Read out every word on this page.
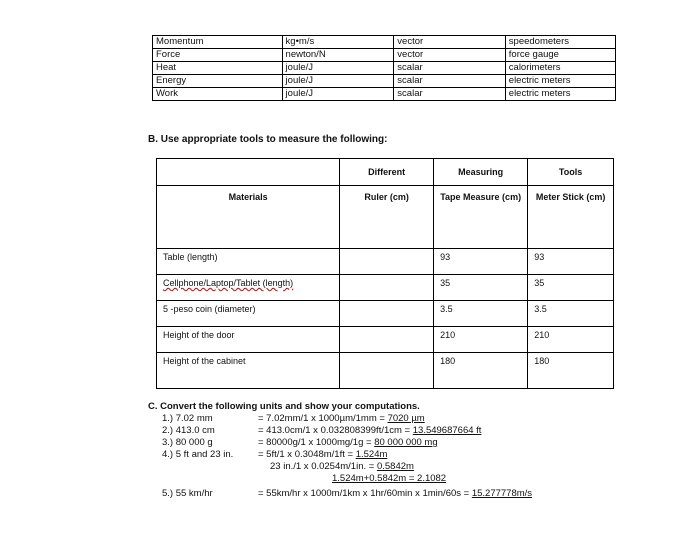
Momentum	kg•m/s	vector	speedometers
Force	newton/N	vector	force gauge
Heat	joule/J	scalar	calorimeters
Energy	joule/J	scalar	electric meters
Work	joule/J	scalar	electric meters
B. Use appropriate tools to measure the following:
	Different	Measuring	Tools
Materials	Ruler (cm)	Tape Measure (cm)	Meter Stick (cm)
Table (length)		93	93
Cellphone/Laptop/Tablet (length)		35	35
5 -peso coin (diameter)		3.5	3.5
Height of the door		210	210
Height of the cabinet		180	180
C. Convert the following units and show your computations.
1.) 7.02 mm	= 7.02mm/1 x 1000µm/1mm = 7020 µm
2.) 413.0 cm	= 413.0cm/1 x 0.032808399ft/1cm = 13.549687664 ft
3.) 80 000 g	= 80000g/1 x 1000mg/1g = 80 000 000 mg
4.) 5 ft and 23 in.	= 5ft/1 x 0.3048m/1ft = 1.524m
23 in./1 x 0.0254m/1in. = 0.5842m
1.524m+0.5842m = 2.1082
5.) 55 km/hr	= 55km/hr x 1000m/1km x 1hr/60min x 1min/60s = 15.277778m/s
